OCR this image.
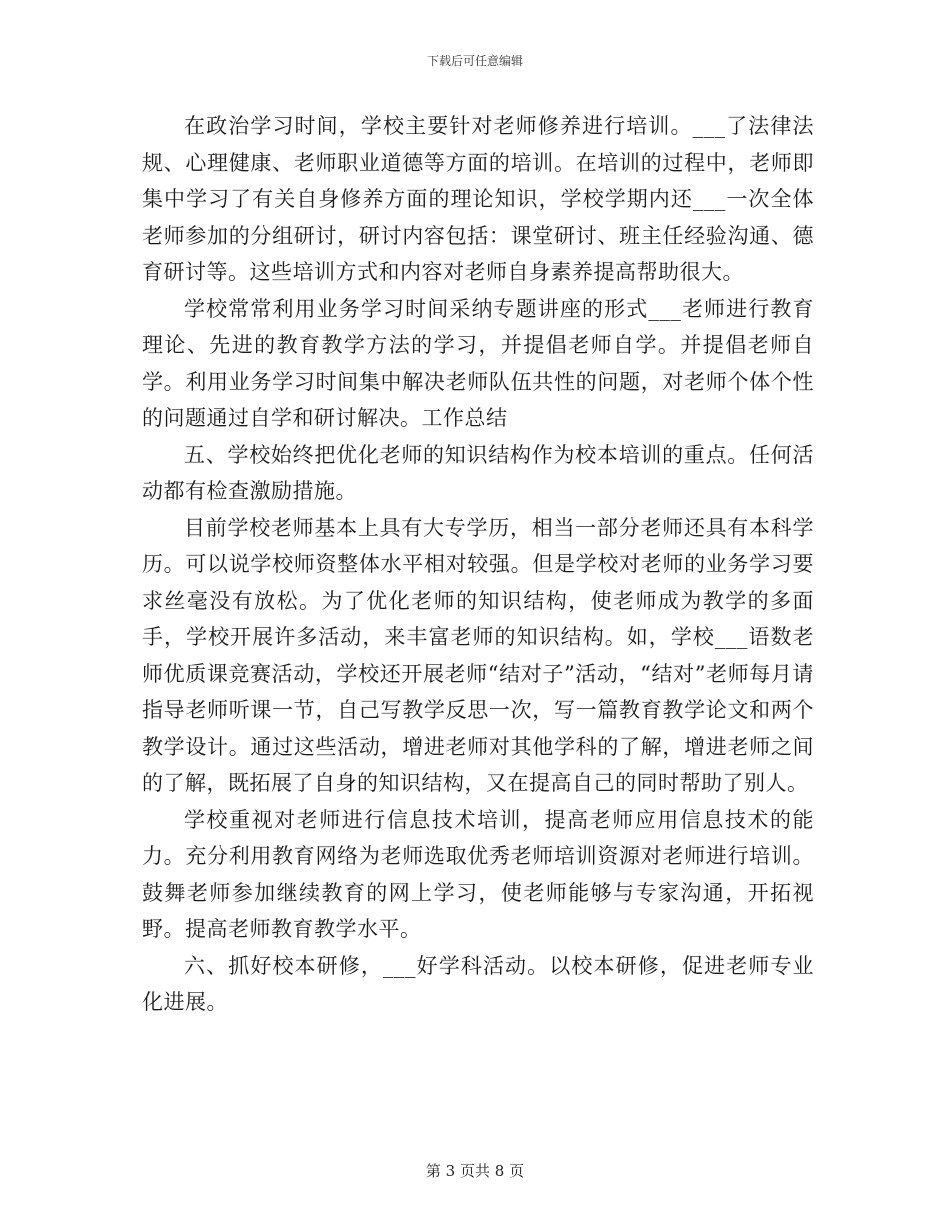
下载后可任意编辑

在政治学习时间，学校主要针对老师修养进行培训。___了法律法规、心理健康、老师职业道德等方面的培训。在培训的过程中，老师即集中学习了有关自身修养方面的理论知识，学校学期内还___一次全体老师参加的分组研讨，研讨内容包括：课堂研讨、班主任经验沟通、德育研讨等。这些培训方式和内容对老师自身素养提高帮助很大。

学校常常利用业务学习时间采纳专题讲座的形式___老师进行教育理论、先进的教育教学方法的学习，并提倡老师自学。并提倡老师自学。利用业务学习时间集中解决老师队伍共性的问题，对老师个体个性的问题通过自学和研讨解决。工作总结

五、学校始终把优化老师的知识结构作为校本培训的重点。任何活动都有检查激励措施。

目前学校老师基本上具有大专学历，相当一部分老师还具有本科学历。可以说学校师资整体水平相对较强。但是学校对老师的业务学习要求丝毫没有放松。为了优化老师的知识结构，使老师成为教学的多面手，学校开展许多活动，来丰富老师的知识结构。如，学校___语数老师优质课竞赛活动，学校还开展老师“结对子”活动，“结对”老师每月请指导老师听课一节，自己写教学反思一次，写一篇教育教学论文和两个教学设计。通过这些活动，增进老师对其他学科的了解，增进老师之间的了解，既拓展了自身的知识结构，又在提高自己的同时帮助了别人。

学校重视对老师进行信息技术培训，提高老师应用信息技术的能力。充分利用教育网络为老师选取优秀老师培训资源对老师进行培训。鼓舞老师参加继续教育的网上学习，使老师能够与专家沟通，开拓视野。提高老师教育教学水平。

六、抓好校本研修，___好学科活动。以校本研修，促进老师专业化进展。

第 3 页共 8 页
